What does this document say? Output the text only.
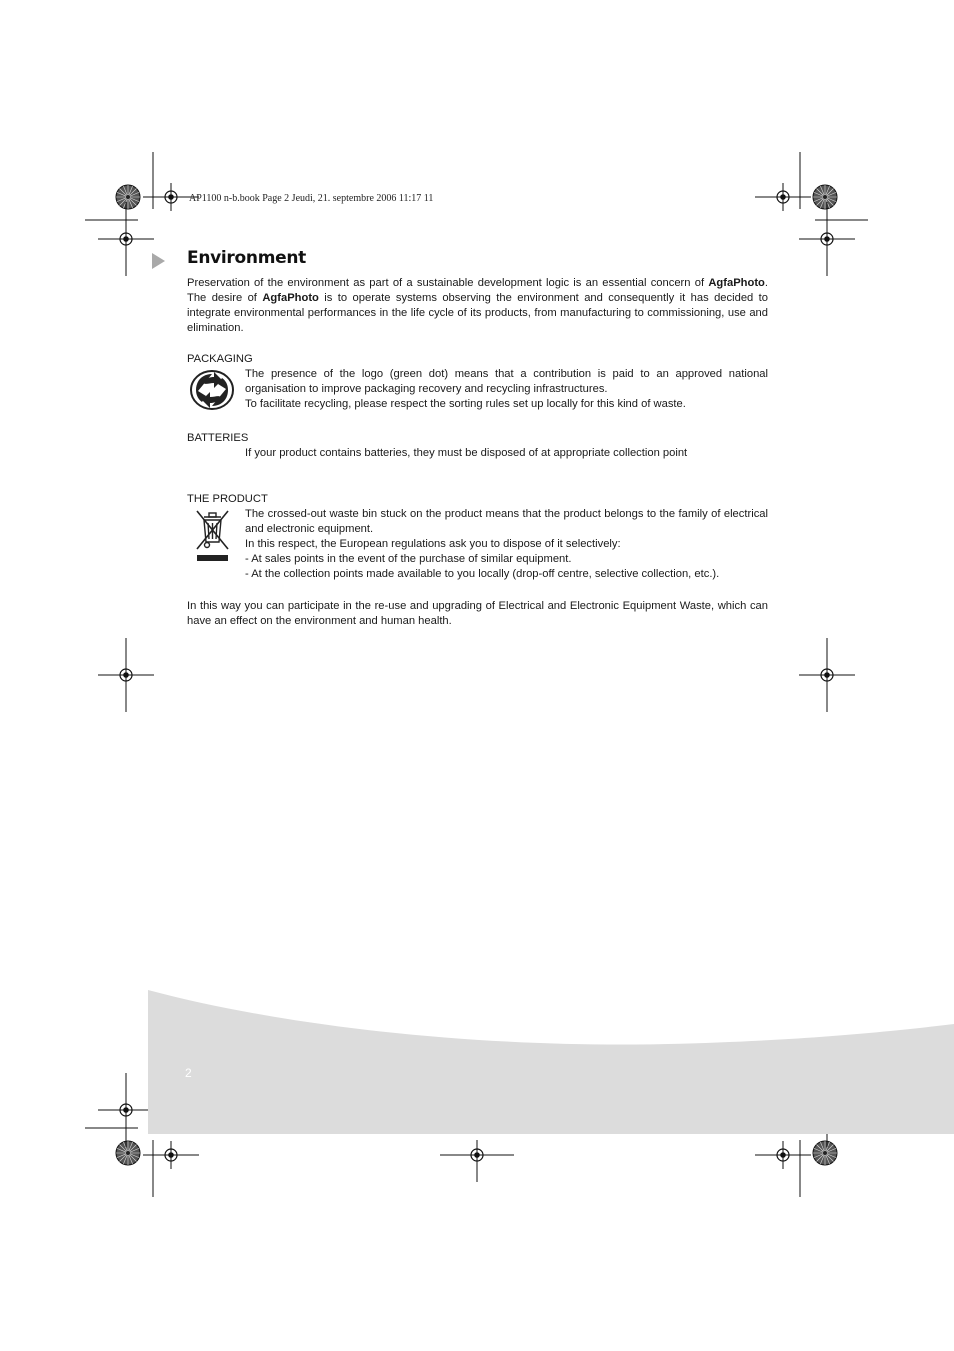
AP1100 n-b.book Page 2 Jeudi, 21. septembre 2006 11:17 11
Environment

Preservation of the environment as part of a sustainable development logic is an essential concern of AgfaPhoto. The desire of AgfaPhoto is to operate systems observing the environment and consequently it has decided to integrate environmental performances in the life cycle of its products, from manufacturing to commissioning, use and elimination.

PACKAGING

The presence of the logo (green dot) means that a contribution is paid to an approved national organisation to improve packaging recovery and recycling infrastructures.

To facilitate recycling, please respect the sorting rules set up locally for this kind of waste.

BATTERIES

If your product contains batteries, they must be disposed of at appropriate collection point

THE PRODUCT

The crossed-out waste bin stuck on the product means that the product belongs to the family of electrical and electronic equipment.

In this respect, the European regulations ask you to dispose of it selectively:

- At sales points in the event of the purchase of similar equipment.

- At the collection points made available to you locally (drop-off centre, selective collection, etc.).

In this way you can participate in the re-use and upgrading of Electrical and Electronic Equipment Waste, which can have an effect on the environment and human health.

2
